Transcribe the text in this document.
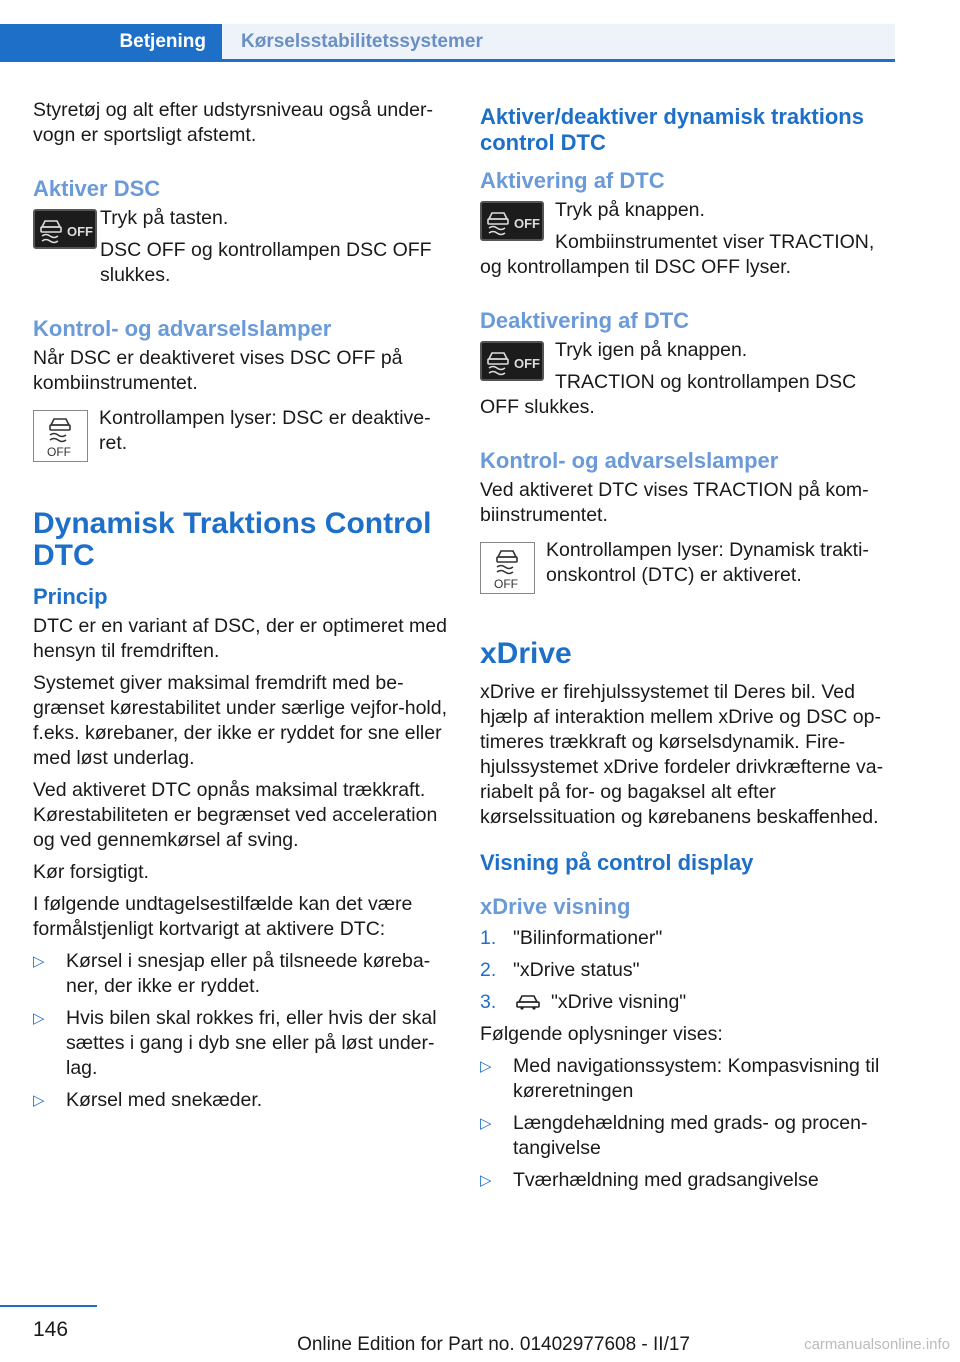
Betjening Kørselsstabilitetssystemer

Styretøj og alt efter udstyrsniveau også under-vogn er sportsligt afstemt.

Aktiver DSC
OFF

Tryk på tasten.

DSC OFF og kontrollampen DSC OFF slukkes.

Kontrol- og advarselslamper

Når DSC er deaktiveret vises DSC OFF på kombiinstrumentet.

OFF

Kontrollampen lyser: DSC er deaktive-ret.

Dynamisk Traktions Control DTC
Princip

DTC er en variant af DSC, der er optimeret med hensyn til fremdriften.

Systemet giver maksimal fremdrift med be-grænset kørestabilitet under særlige vejfor-hold, f.eks. kørebaner, der ikke er ryddet for sne eller med løst underlag.

Ved aktiveret DTC opnås maksimal trækkraft. Kørestabiliteten er begrænset ved acceleration og ved gennemkørsel af sving.

Kør forsigtigt.

I følgende undtagelsestilfælde kan det være formålstjenligt kortvarigt at aktivere DTC:

▷ Kørsel i snesjap eller på tilsneede køreba-ner, der ikke er ryddet.
▷ Hvis bilen skal rokkes fri, eller hvis der skal sættes i gang i dyb sne eller på løst under-lag.
▷ Kørsel med snekæder.
Aktiver/deaktiver dynamisk traktions control DTC
Aktivering af DTC
OFF

Tryk på knappen.

Kombiinstrumentet viser TRACTION, og kontrollampen til DSC OFF lyser.

Deaktivering af DTC
OFF

Tryk igen på knappen.

TRACTION og kontrollampen DSC OFF slukkes.

Kontrol- og advarselslamper

Ved aktiveret DTC vises TRACTION på kom-biinstrumentet.

OFF

Kontrollampen lyser: Dynamisk trakti-onskontrol (DTC) er aktiveret.

xDrive

xDrive er firehjulssystemet til Deres bil. Ved hjælp af interaktion mellem xDrive og DSC op-timeres trækkraft og kørselsdynamik. Fire-hjulssystemet xDrive fordeler drivkræfterne va-riabelt på for- og bagaksel alt efter kørselssituation og kørebanens beskaffenhed.

Visning på control display
xDrive visning
1. "Bilinformationer"
2. "xDrive status"
3.	"xDrive visning"

Følgende oplysninger vises:

▷ Med navigationssystem: Kompasvisning til køreretningen
▷ Længdehældning med grads- og procen-tangivelse
▷ Tværhældning med gradsangivelse
146
Online Edition for Part no. 01402977608 - II/17	carmanualsonline.info
